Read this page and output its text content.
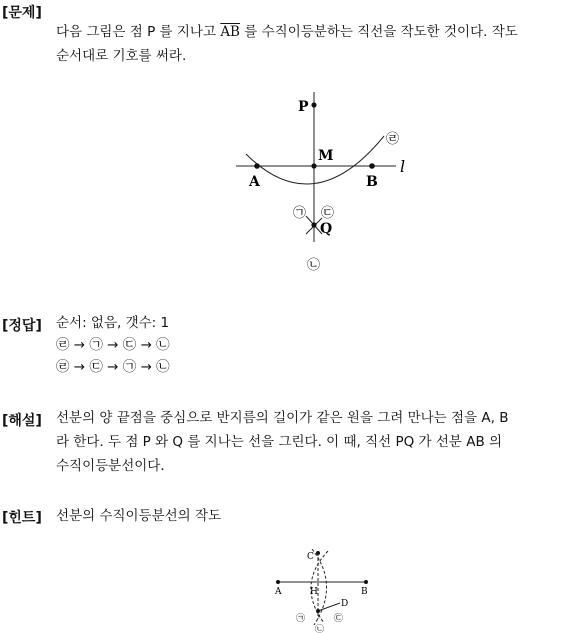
[문제]
다음 그림은 점 P 를 지나고 $\overline{AB}$ 를 수직이등분하는 직선을 작도한 것이다. 작도
순서대로 기호를 써라.
P
M
A	B
Q
l
㉣
㉠ ㉢
㉡
[정답] 순서: 없음, 갯수: 1
㉣ → ㉠ → ㉢ → ㉡
㉣ → ㉢ → ㉠ → ㉡
[해설] 선분의 양 끝점을 중심으로 반지름의 길이가 같은 원을 그려 만나는 점을 A, B
라 한다. 두 점 P 와 Q 를 지나는 선을 그린다. 이 때, 직선 PQ 가 선분 AB 의
수직이등분선이다.
[힌트] 선분의 수직이등분선의 작도
C
A	H	B
D
㉠	㉢
㉡
